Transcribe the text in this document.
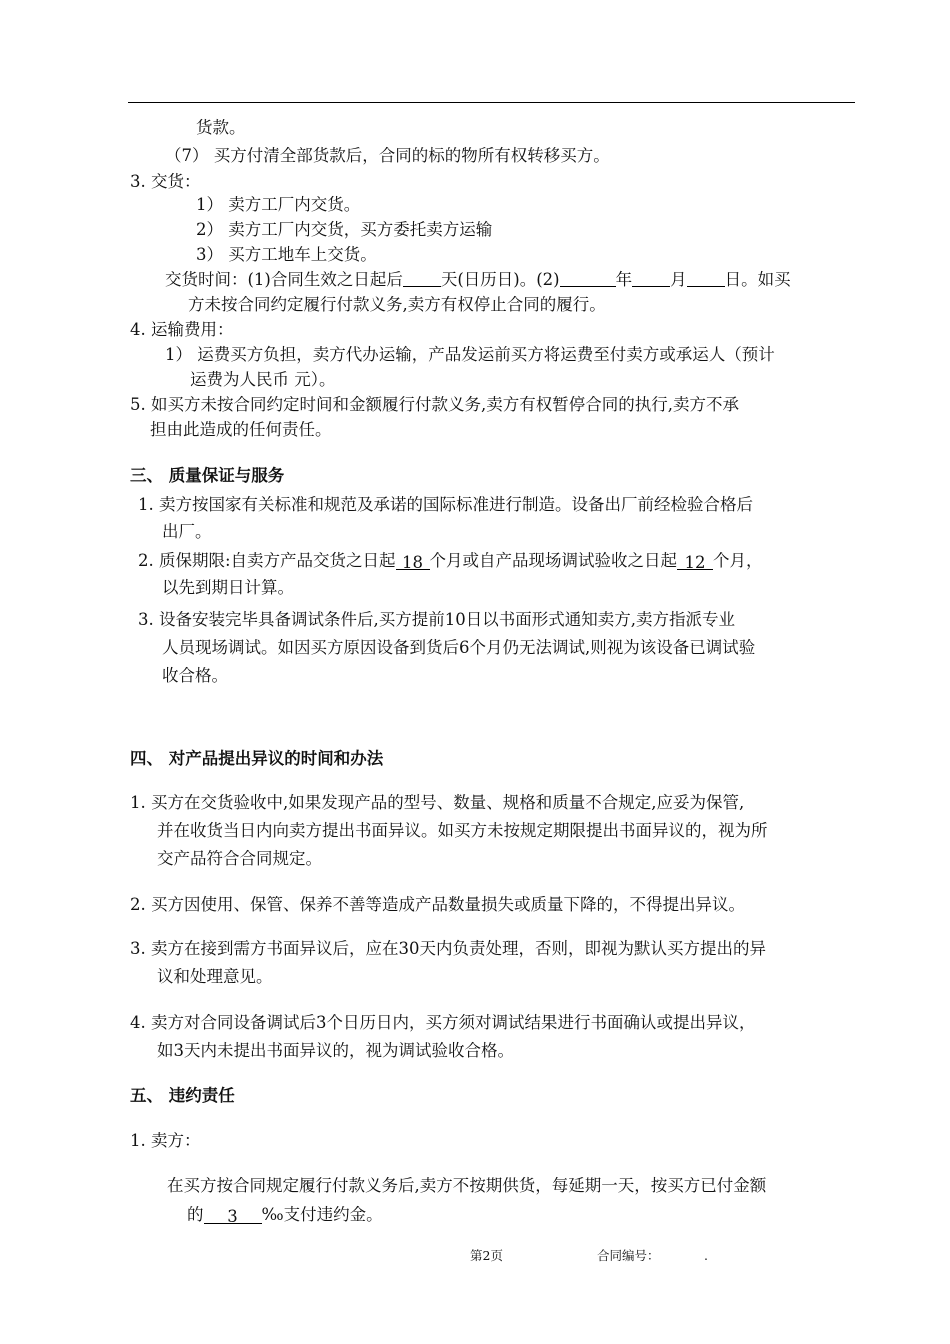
货款。
（7） 买方付清全部货款后，合同的标的物所有权转移买方。
3. 交货：
1） 卖方工厂内交货。
2） 卖方工厂内交货，买方委托卖方运输
3） 买方工地车上交货。
交货时间：(1)合同生效之日起后 天(日历日)。(2)	年 月 日。如买
方未按合同约定履行付款义务,卖方有权停止合同的履行。
4. 运输费用：
1） 运费买方负担，卖方代办运输，产品发运前买方将运费至付卖方或承运人（预计
运费为人民币 元）。
5. 如买方未按合同约定时间和金额履行付款义务,卖方有权暂停合同的执行,卖方不承
担由此造成的任何责任。
三、 质量保证与服务
1. 卖方按国家有关标准和规范及承诺的国际标准进行制造。设备出厂前经检验合格后
出厂。
2. 质保期限:自卖方产品交货之日起 18 个月或自产品现场调试验收之日起 12 个月，
以先到期日计算。
3. 设备安装完毕具备调试条件后,买方提前10日以书面形式通知卖方,卖方指派专业
人员现场调试。如因买方原因设备到货后6个月仍无法调试,则视为该设备已调试验
收合格。
四、 对产品提出异议的时间和办法
1. 买方在交货验收中,如果发现产品的型号、数量、规格和质量不合规定,应妥为保管,
并在收货当日内向卖方提出书面异议。如买方未按规定期限提出书面异议的，视为所
交产品符合合同规定。
2. 买方因使用、保管、保养不善等造成产品数量损失或质量下降的，不得提出异议。
3. 卖方在接到需方书面异议后，应在30天内负责处理，否则，即视为默认买方提出的异
议和处理意见。
4. 卖方对合同设备调试后3个日历日内，买方须对调试结果进行书面确认或提出异议，
如3天内未提出书面异议的，视为调试验收合格。
五、 违约责任
1. 卖方：
在买方按合同规定履行付款义务后,卖方不按期供货，每延期一天，按买方已付金额
的 3 ‰支付违约金。
第2页	合同编号：	.
